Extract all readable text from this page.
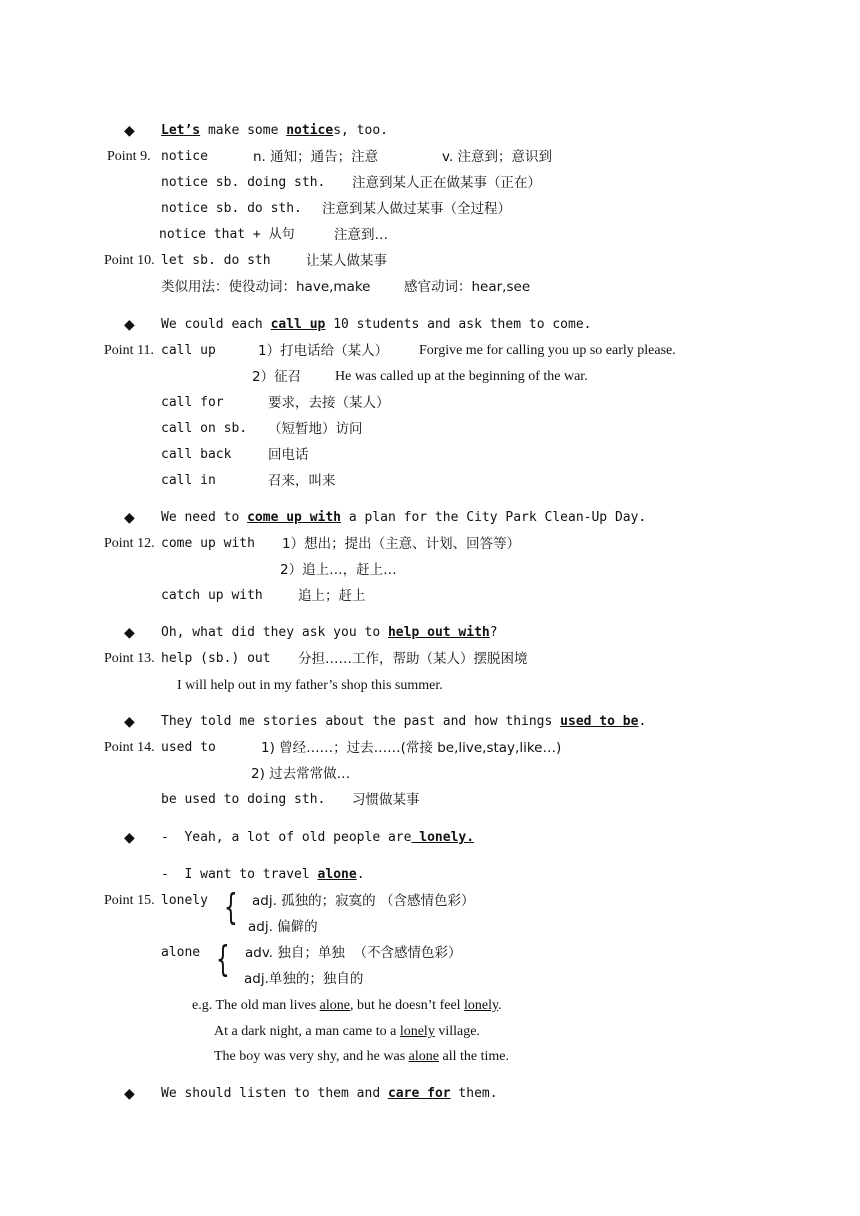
◆ Let’s make some notices, too.
Point 9. notice	n. 通知；通告；注意	v. 注意到；意识到
notice sb. doing sth. 注意到某人正在做某事（正在）
notice sb. do sth. 注意到某人做过某事（全过程）
notice that + 从句	注意到…
Point 10. let sb. do sth	让某人做某事
类似用法：使役动词：have,make 感官动词：hear,see
◆ We could each call up 10 students and ask them to come.
Point 11. call up	1）打电话给（某人） Forgive me for calling you up so early please.
2）征召 He was called up at the beginning of the war.
call for	要求，去接（某人）
call on sb. （短暂地）访问
call back	回电话
call in	召来，叫来
◆ We need to come up with a plan for the City Park Clean-Up Day.
Point 12. come up with 1）想出；提出（主意、计划、回答等）
2）追上…，赶上…
catch up with	追上；赶上
◆ Oh, what did they ask you to help out with?
Point 13. help (sb.) out 分担……工作，帮助（某人）摆脱困境
I will help out in my father’s shop this summer.
◆ They told me stories about the past and how things used to be.
Point 14. used to	1) 曾经……；过去……(常接 be,live,stay,like…)
2) 过去常常做…
be used to doing sth. 习惯做某事
◆ -  Yeah, a lot of old people are lonely.
-  I want to travel alone.
Point 15. lonely { adj. 孤独的；寂寞的 （含感情色彩）
adj. 偏僻的
alone { adv. 独自；单独  （不含感情色彩）
adj.单独的；独自的
e.g. The old man lives alone, but he doesn’t feel lonely.
At a dark night, a man came to a lonely village.
The boy was very shy, and he was alone all the time.
◆ We should listen to them and care for them.
